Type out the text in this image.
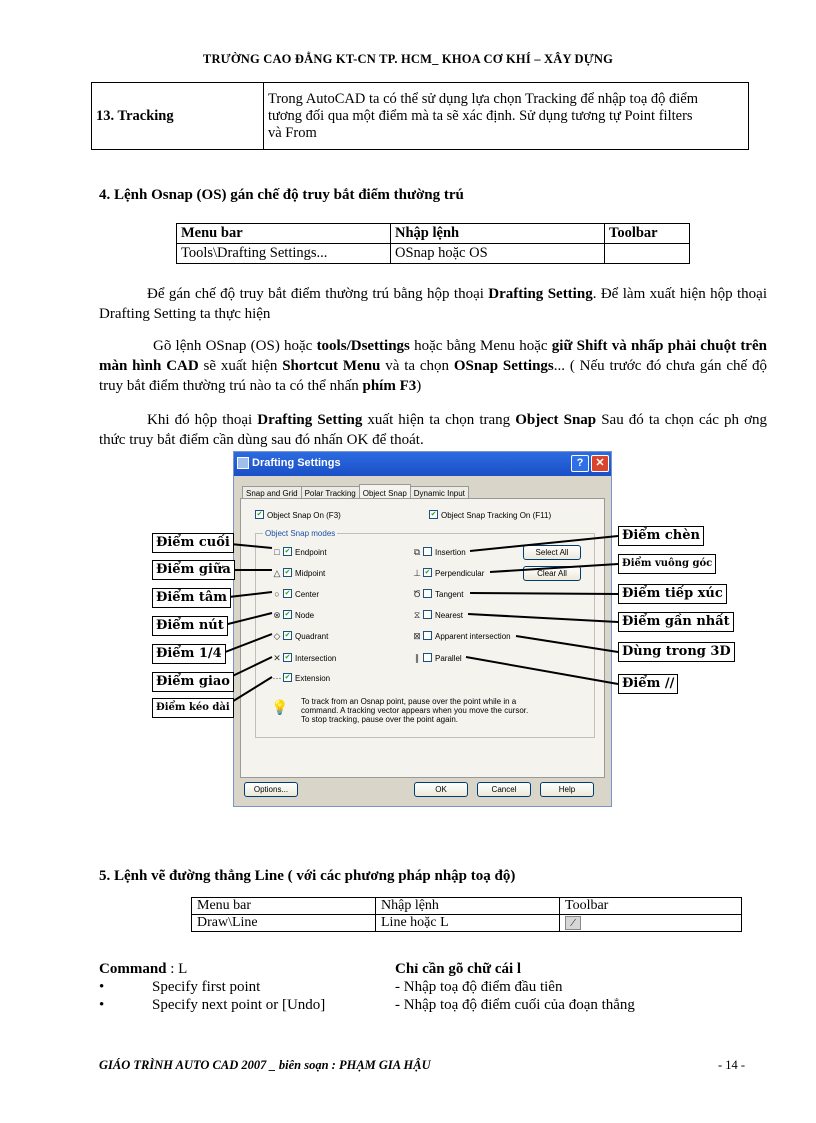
TRƯỜNG CAO ĐẲNG KT-CN TP. HCM_ KHOA CƠ KHÍ – XÂY DỰNG
13. Tracking	
Trong AutoCAD ta có thể sử dụng lựa chọn Tracking để nhập toạ độ điểm
tương đối qua một điểm mà ta sẽ xác định. Sử dụng tương tự Point filters
và From
4. Lệnh Osnap (OS) gán chế độ truy bắt điểm thường trú
Menu bar	Nhập lệnh	Toolbar
Tools\Drafting Settings...	OSnap hoặc OS	
Để gán chế độ truy bắt điểm thường trú bằng hộp thoại Drafting Setting. Để làm xuất hiện hộp thoại Drafting Setting ta thực hiện
Gõ lệnh OSnap (OS) hoặc tools/Dsettings hoặc bằng Menu hoặc giữ Shift và nhấp phải chuột trên màn hình CAD sẽ xuất hiện Shortcut Menu và ta chọn OSnap Settings... ( Nếu trước đó chưa gán chế độ truy bắt điểm thường trú nào ta có thể nhấn phím F3)
Khi đó hộp thoại Drafting Setting xuất hiện ta chọn trang Object Snap Sau đó ta chọn các ph ơng thức truy bắt điểm cần dùng sau đó nhấn OK để thoát.
Drafting Settings	?	✕
Snap and Grid Polar Tracking Object Snap Dynamic Input
✔ Object Snap On (F3)	✔ Object Snap Tracking On (F11)
Object Snap modes
□ ✔ Endpoint
△ ✔ Midpoint
○ ✔ Center
⊗ ✔ Node
◇ ✔ Quadrant
✕ ✔ Intersection
··· ✔ Extension
⧉ Insertion
⊥ ✔ Perpendicular
Ծ Tangent
⧖ Nearest
⊠ Apparent intersection
∥ Parallel
Select All
Clear All
💡 To track from an Osnap point, pause over the point while in a
command. A tracking vector appears when you move the cursor.
To stop tracking, pause over the point again.
Options...	OK	Cancel	Help
Điểm cuối
Điểm giữa
Điểm tâm
Điểm nút
Điểm 1/4
Điểm giao
Điểm kéo dài
Điểm chèn
Điểm vuông góc
Điểm tiếp xúc
Điểm gần nhất
Dùng trong 3D
Điểm //
5. Lệnh vẽ đường thẳng Line ( với các phương pháp nhập toạ độ)
Menu bar	Nhập lệnh	Toolbar
Draw\Line	Line hoặc L	⁄
Command : L	Chỉ cần gõ chữ cái l
•	Specify first point	- Nhập toạ độ điểm đầu tiên
•	Specify next point or [Undo]	- Nhập toạ độ điểm cuối của đoạn thẳng
GIÁO TRÌNH AUTO CAD 2007 _ biên soạn : PHẠM GIA HẬU	- 14 -
